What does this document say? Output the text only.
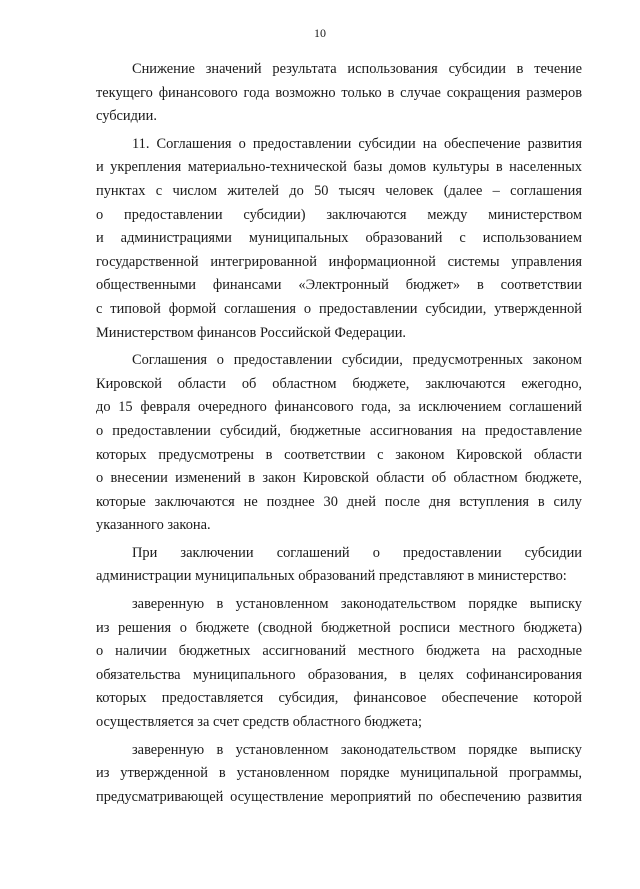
10
Снижение значений результата использования субсидии в течение
текущего финансового года возможно только в случае сокращения размеров
субсидии.
11. Соглашения о предоставлении субсидии на обеспечение развития
и укрепления материально-технической базы домов культуры в населенных
пунктах с числом жителей до 50 тысяч человек (далее – соглашения
о предоставлении субсидии) заключаются между министерством
и администрациями муниципальных образований с использованием
государственной интегрированной информационной системы управления
общественными финансами «Электронный бюджет» в соответствии
с типовой формой соглашения о предоставлении субсидии, утвержденной
Министерством финансов Российской Федерации.
Соглашения о предоставлении субсидии, предусмотренных законом
Кировской области об областном бюджете, заключаются ежегодно,
до 15 февраля очередного финансового года, за исключением соглашений
о предоставлении субсидий, бюджетные ассигнования на предоставление
которых предусмотрены в соответствии с законом Кировской области
о внесении изменений в закон Кировской области об областном бюджете,
которые заключаются не позднее 30 дней после дня вступления в силу
указанного закона.
При заключении соглашений о предоставлении субсидии
администрации муниципальных образований представляют в министерство:
заверенную в установленном законодательством порядке выписку
из решения о бюджете (сводной бюджетной росписи местного бюджета)
о наличии бюджетных ассигнований местного бюджета на расходные
обязательства муниципального образования, в целях софинансирования
которых предоставляется субсидия, финансовое обеспечение которой
осуществляется за счет средств областного бюджета;
заверенную в установленном законодательством порядке выписку
из утвержденной в установленном порядке муниципальной программы,
предусматривающей осуществление мероприятий по обеспечению развития
